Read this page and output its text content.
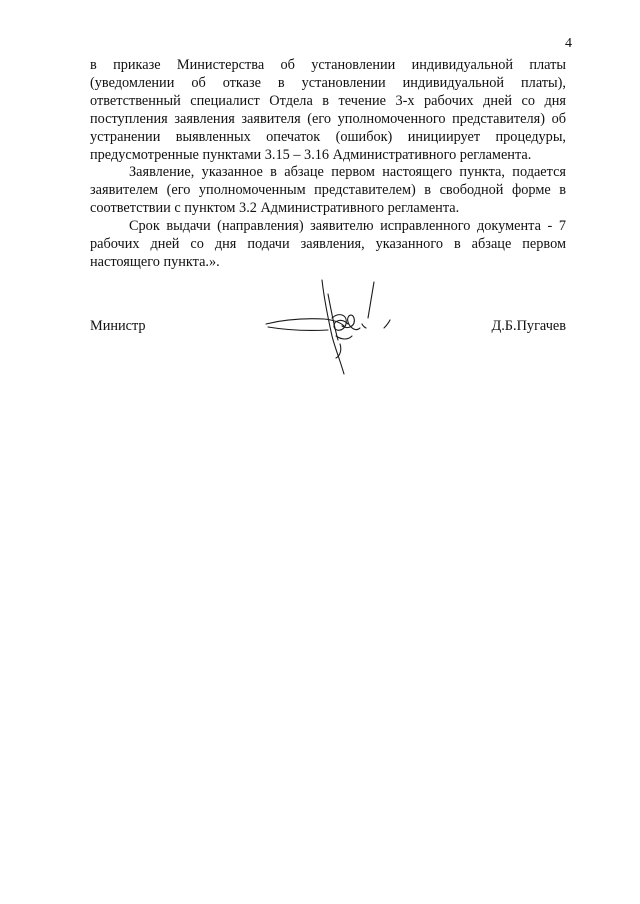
4

в приказе Министерства об установлении индивидуальной платы (уведомлении об отказе в установлении индивидуальной платы), ответственный специалист Отдела в течение 3-х рабочих дней со дня поступления заявления заявителя (его уполномоченного представителя) об устранении выявленных опечаток (ошибок) инициирует процедуры, предусмотренные пунктами 3.15 – 3.16 Административного регламента.

Заявление, указанное в абзаце первом настоящего пункта, подается заявителем (его уполномоченным представителем) в свободной форме в соответствии с пунктом 3.2 Административного регламента.

Срок выдачи (направления) заявителю исправленного документа - 7 рабочих дней со дня подачи заявления, указанного в абзаце первом настоящего пункта.».

Министр	Д.Б.Пугачев
